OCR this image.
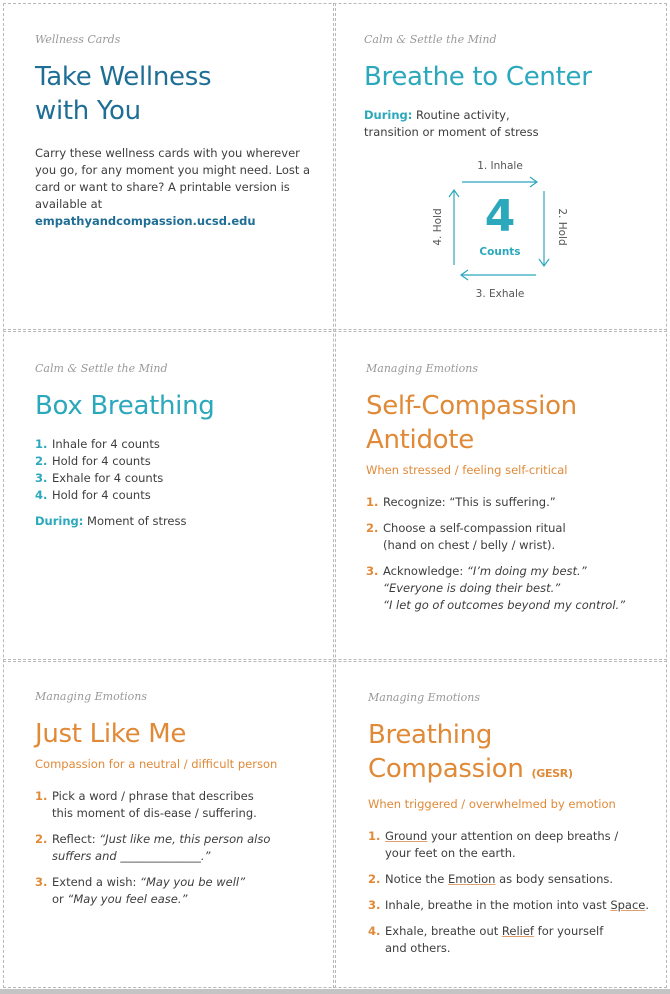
Wellness Cards
Take Wellness
with You
Carry these wellness cards with you wherever you go, for any moment you might need. Lost a card or want to share? A printable version is available at empathyandcompassion.ucsd.edu
Calm & Settle the Mind
Breathe to Center
During: Routine activity, transition or moment of stress
1. Inhale
3. Exhale
4. Hold	2. Hold
4
Counts
Calm & Settle the Mind
Box Breathing
1. Inhale for 4 counts
2. Hold for 4 counts
3. Exhale for 4 counts
4. Hold for 4 counts
During: Moment of stress
Managing Emotions
Self-Compassion
Antidote
When stressed / feeling self-critical
1. Recognize: “This is suffering.”
2. Choose a self-compassion ritual
(hand on chest / belly / wrist).
3. Acknowledge: “I’m doing my best.”
“Everyone is doing their best.”
“I let go of outcomes beyond my control.”
Managing Emotions
Just Like Me
Compassion for a neutral / difficult person
1. Pick a word / phrase that describes
this moment of dis-ease / suffering.
2. Reflect: “Just like me, this person also
suffers and ______________.”
3. Extend a wish: “May you be well”
or “May you feel ease.”
Managing Emotions
Breathing
Compassion (GESR)
When triggered / overwhelmed by emotion
1. Ground your attention on deep breaths /
your feet on the earth.
2. Notice the Emotion as body sensations.
3. Inhale, breathe in the motion into vast Space.
4. Exhale, breathe out Relief for yourself
and others.
